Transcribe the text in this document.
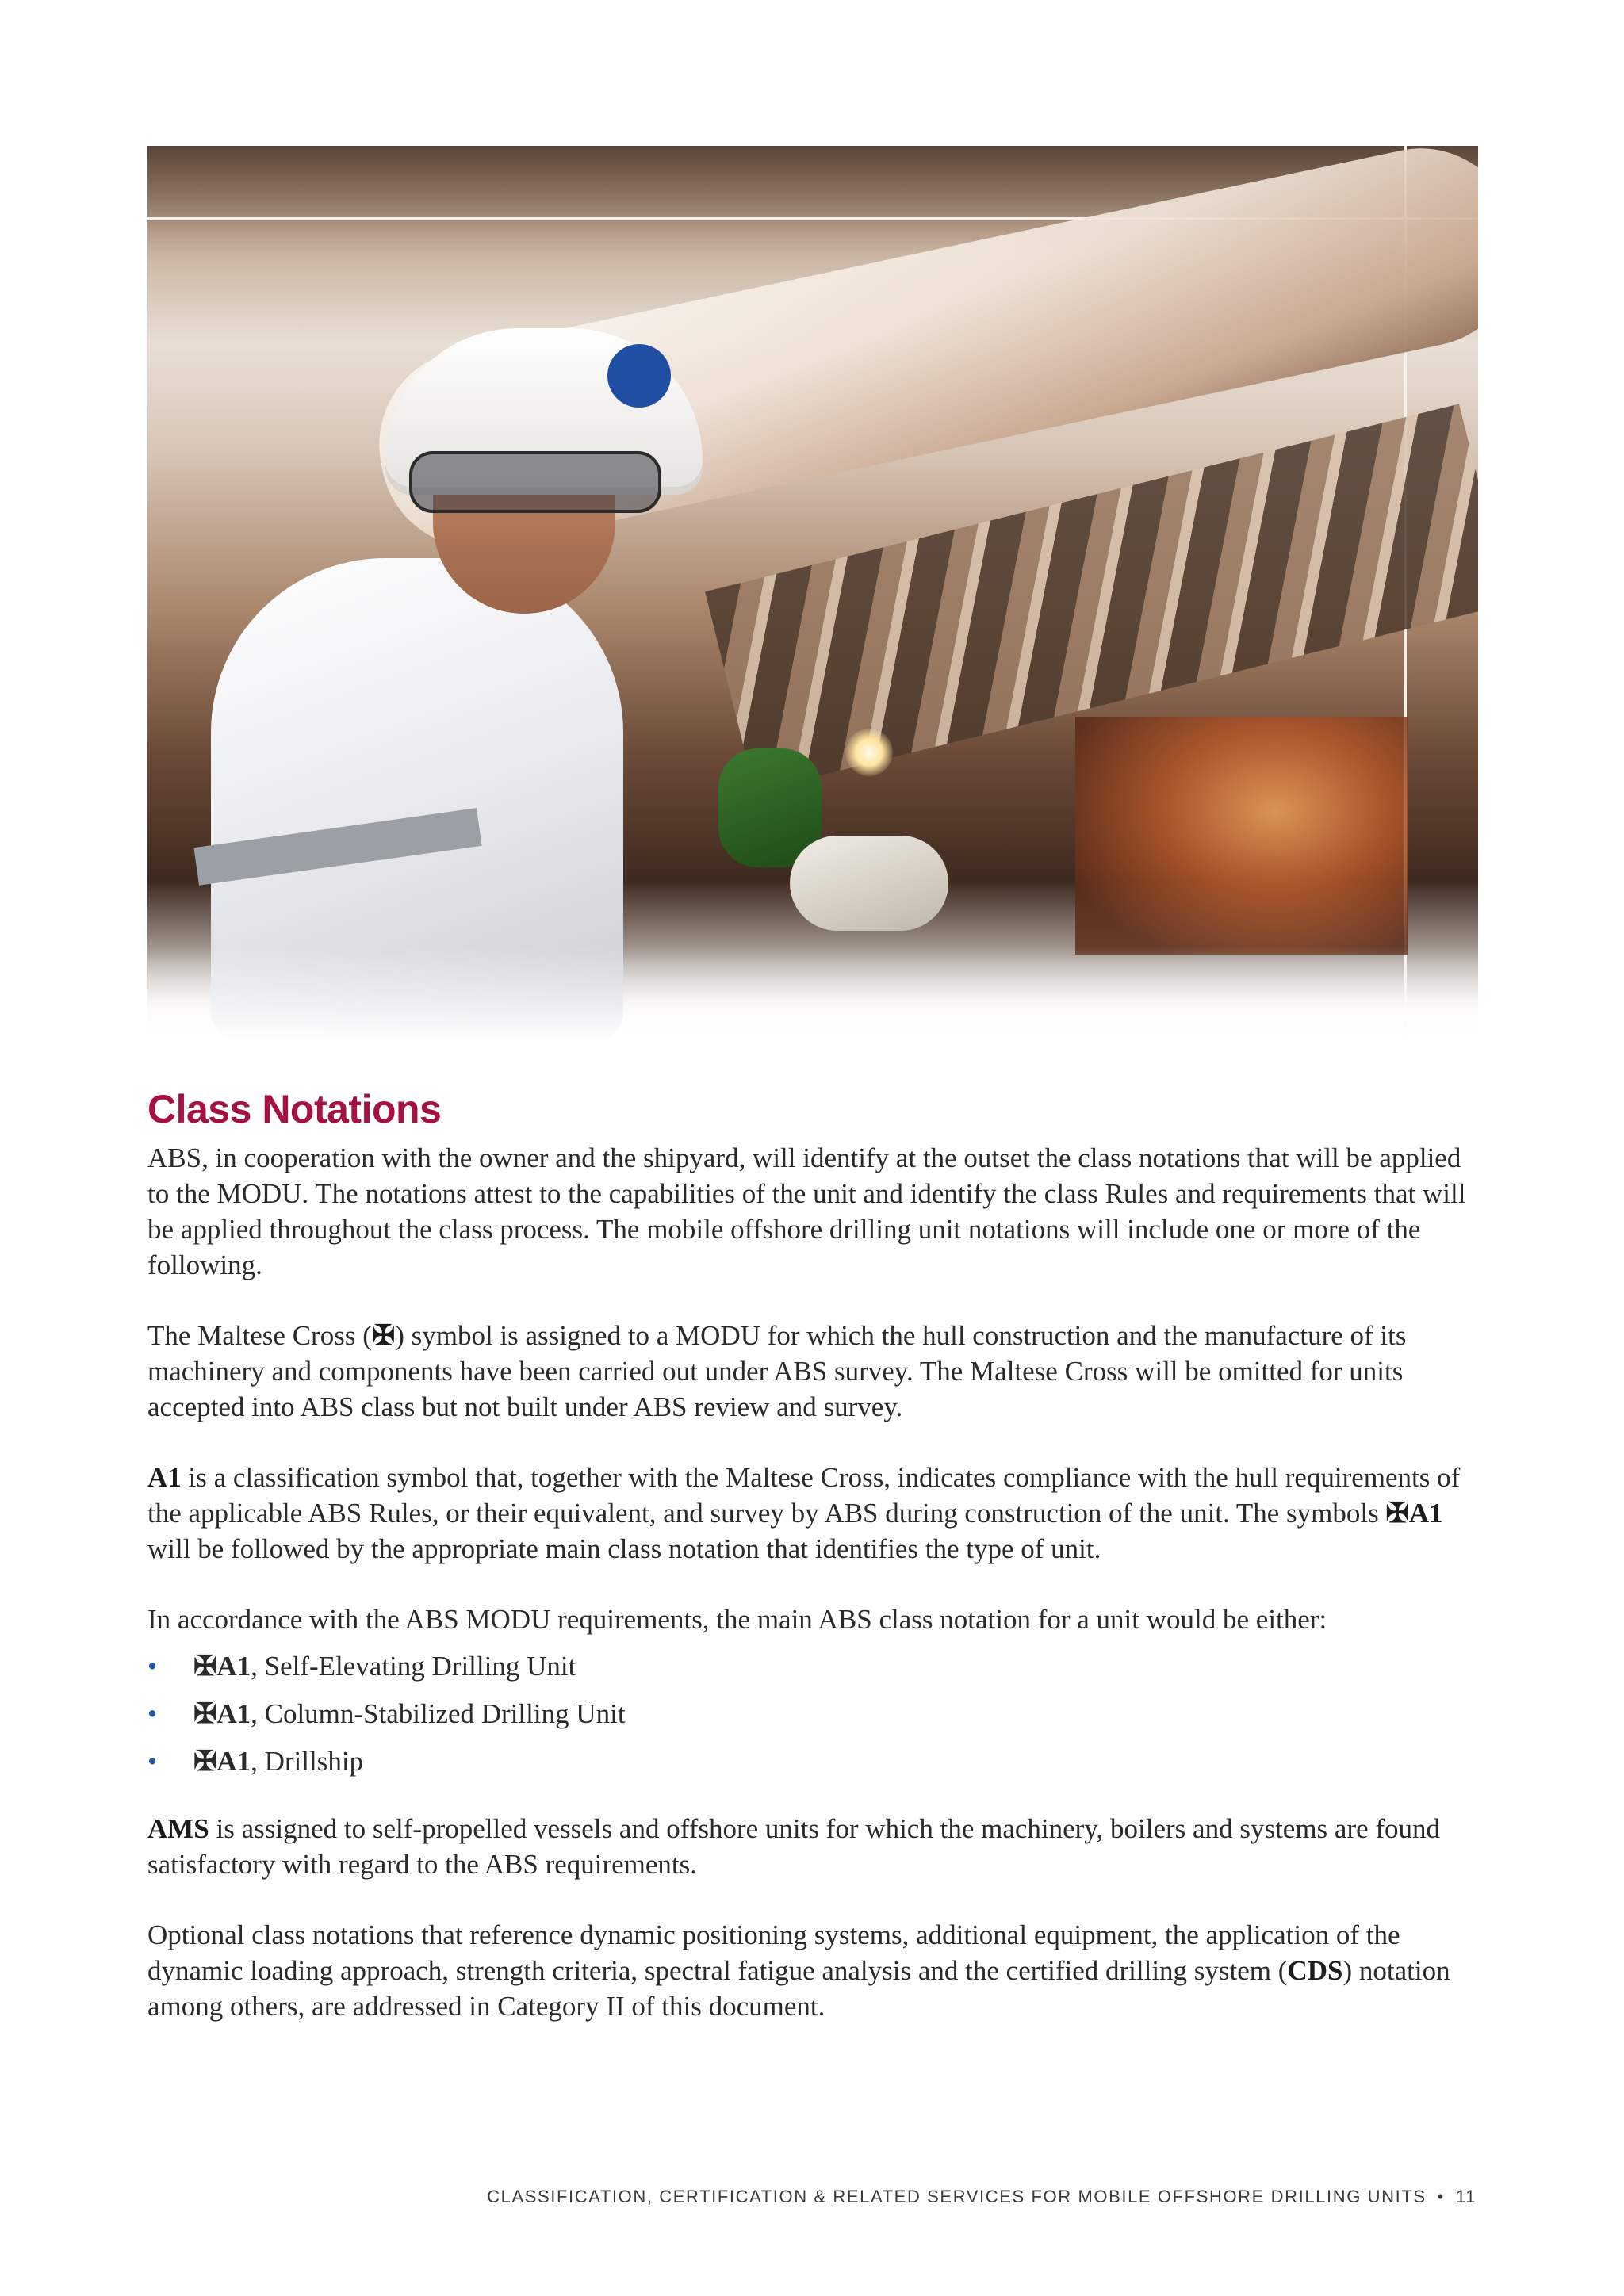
Class Notations

ABS, in cooperation with the owner and the shipyard, will identify at the outset the class notations that will be applied to the MODU. The notations attest to the capabilities of the unit and identify the class Rules and requirements that will be applied throughout the class process. The mobile offshore drilling unit notations will include one or more of the following.

The Maltese Cross (✠) symbol is assigned to a MODU for which the hull construction and the manufacture of its machinery and components have been carried out under ABS survey. The Maltese Cross will be omitted for units accepted into ABS class but not built under ABS review and survey.

A1 is a classification symbol that, together with the Maltese Cross, indicates compliance with the hull requirements of the applicable ABS Rules, or their equivalent, and survey by ABS during construction of the unit. The symbols ✠A1 will be followed by the appropriate main class notation that identifies the type of unit.

In accordance with the ABS MODU requirements, the main ABS class notation for a unit would be either:

• ✠A1, Self-Elevating Drilling Unit
• ✠A1, Column-Stabilized Drilling Unit
• ✠A1, Drillship

AMS is assigned to self-propelled vessels and offshore units for which the machinery, boilers and systems are found satisfactory with regard to the ABS requirements.

Optional class notations that reference dynamic positioning systems, additional equipment, the application of the dynamic loading approach, strength criteria, spectral fatigue analysis and the certified drilling system (CDS) notation among others, are addressed in Category II of this document.

CLASSIFICATION, CERTIFICATION & RELATED SERVICES FOR MOBILE OFFSHORE DRILLING UNITS • 11
